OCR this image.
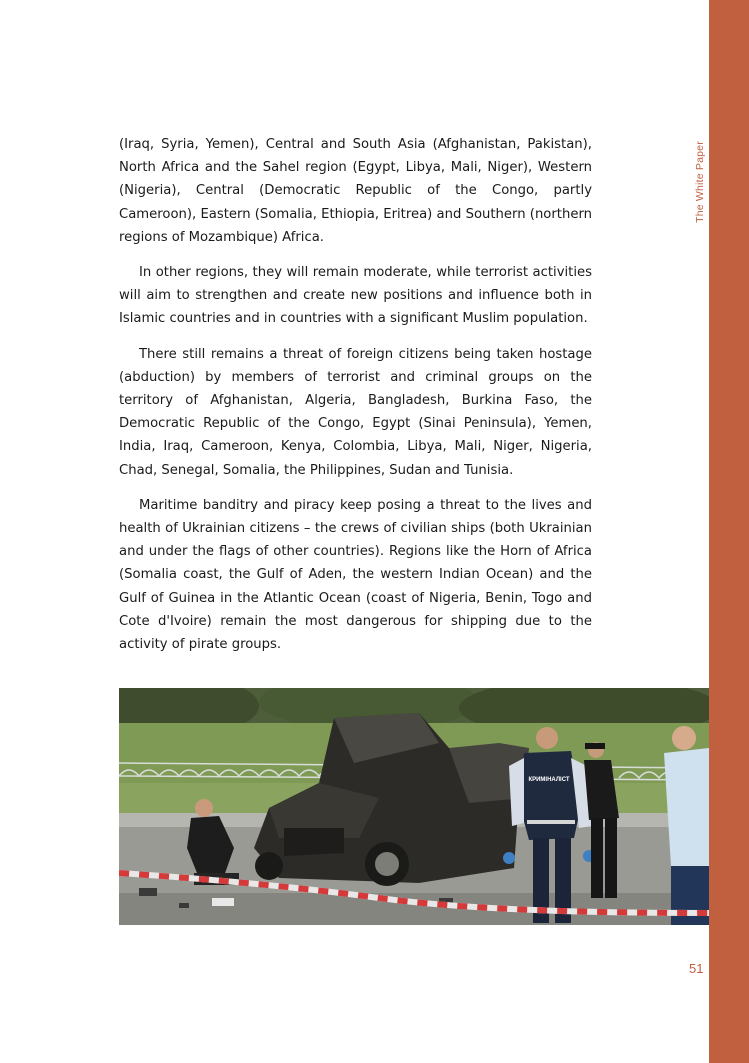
The White Paper

(Iraq, Syria, Yemen), Central and South Asia (Afghanistan, Pakistan), North Africa and the Sahel region (Egypt, Libya, Mali, Niger), Western (Nigeria), Central (Democratic Republic of the Congo, partly Cameroon), Eastern (Somalia, Ethiopia, Eritrea) and Southern (northern regions of Mozambique) Africa.

In other regions, they will remain moderate, while terrorist activities will aim to strengthen and create new positions and influence both in Islamic countries and in countries with a significant Muslim population.

There still remains a threat of foreign citizens being taken hostage (abduction) by members of terrorist and criminal groups on the territory of Afghanistan, Algeria, Bangladesh, Burkina Faso, the Democratic Republic of the Congo, Egypt (Sinai Peninsula), Yemen, India, Iraq, Cameroon, Kenya, Colombia, Libya, Mali, Niger, Nigeria, Chad, Senegal, Somalia, the Philippines, Sudan and Tunisia.

Maritime banditry and piracy keep posing a threat to the lives and health of Ukrainian citizens – the crews of civilian ships (both Ukrainian and under the flags of other countries). Regions like the Horn of Africa (Somalia coast, the Gulf of Aden, the western Indian Ocean) and the Gulf of Guinea in the Atlantic Ocean (coast of Nigeria, Benin, Togo and Cote d'Ivoire) remain the most dangerous for shipping due to the activity of pirate groups.

КРИМІНАЛІСТ
51
